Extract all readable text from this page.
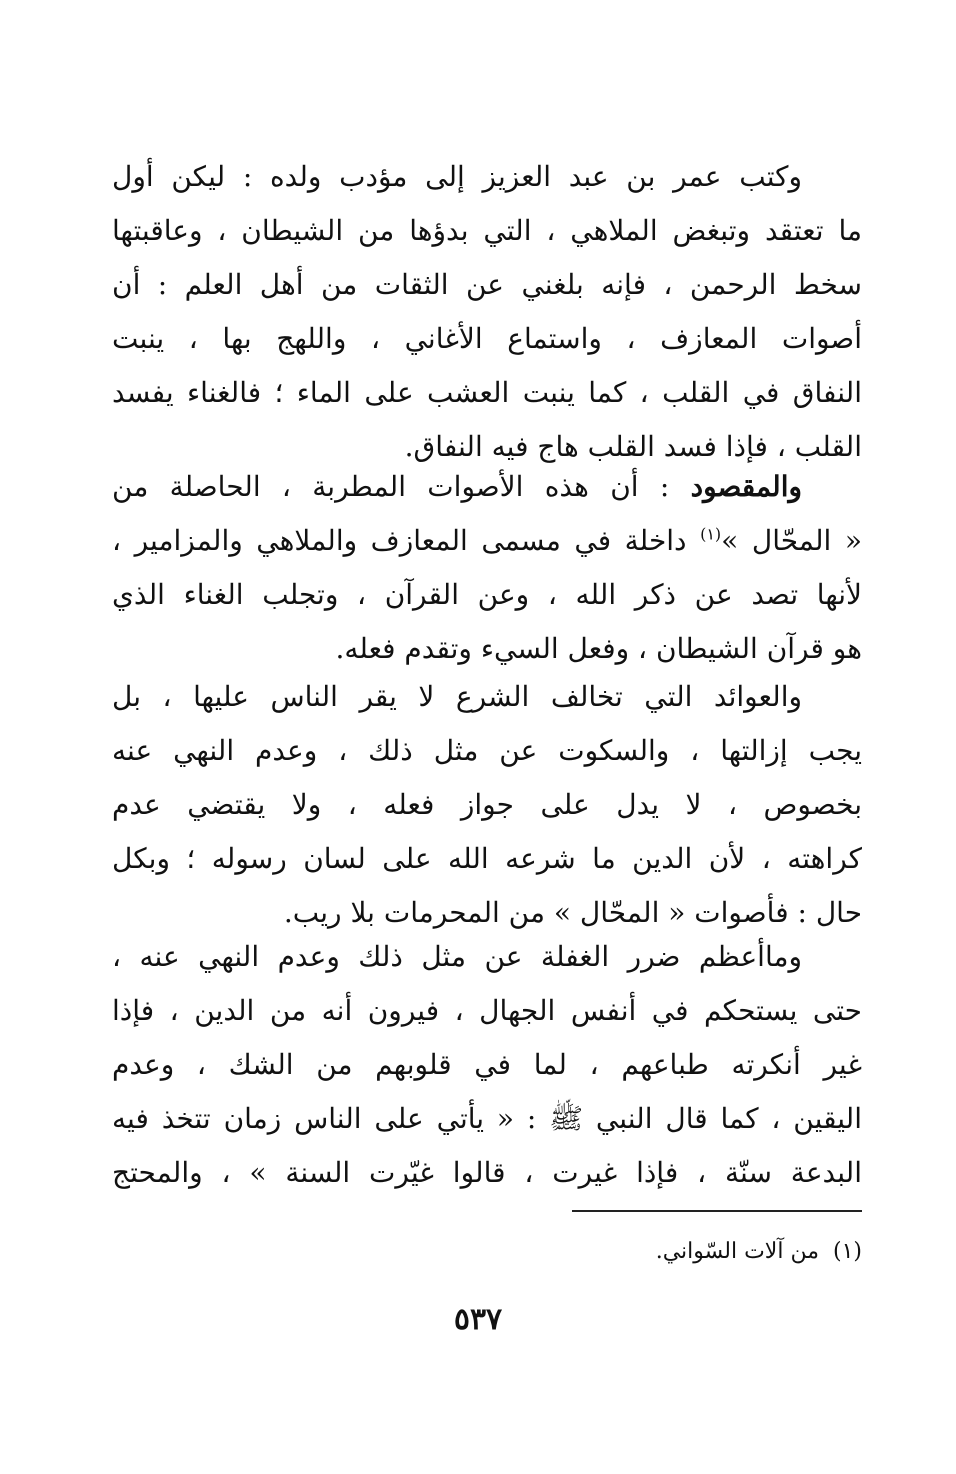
وكتب عمر بن عبد العزيز إلى مؤدب ولده : ليكن أول
ما تعتقد وتبغض الملاهي ، التي بدؤها من الشيطان ، وعاقبتها
سخط الرحمن ، فإنه بلغني عن الثقات من أهل العلم : أن
أصوات المعازف ، واستماع الأغاني ، واللهج بها ، ينبت
النفاق في القلب ، كما ينبت العشب على الماء ؛ فالغناء يفسد
القلب ، فإذا فسد القلب هاج فيه النفاق.
والمقصود : أن هذه الأصوات المطربة ، الحاصلة من
« المحّال »$^{(١)}$ داخلة في مسمى المعازف والملاهي والمزامير ،
لأنها تصد عن ذكر الله ، وعن القرآن ، وتجلب الغناء الذي
هو قرآن الشيطان ، وفعل السيء وتقدم فعله.
والعوائد التي تخالف الشرع لا يقر الناس عليها ، بل
يجب إزالتها ، والسكوت عن مثل ذلك ، وعدم النهي عنه
بخصوص ، لا يدل على جواز فعله ، ولا يقتضي عدم
كراهته ، لأن الدين ما شرعه الله على لسان رسوله ؛ وبكل
حال : فأصوات « المحّال » من المحرمات بلا ريب.
وماأعظم ضرر الغفلة عن مثل ذلك وعدم النهي عنه ،
حتى يستحكم في أنفس الجهال ، فيرون أنه من الدين ، فإذا
غير أنكرته طباعهم ، لما في قلوبهم من الشك ، وعدم
اليقين ، كما قال النبي ﷺ : « يأتي على الناس زمان تتخذ فيه
البدعة سنّة ، فإذا غيرت ، قالوا غيّرت السنة » ، والمحتج
(١)من آلات السّواني.
٥٣٧
